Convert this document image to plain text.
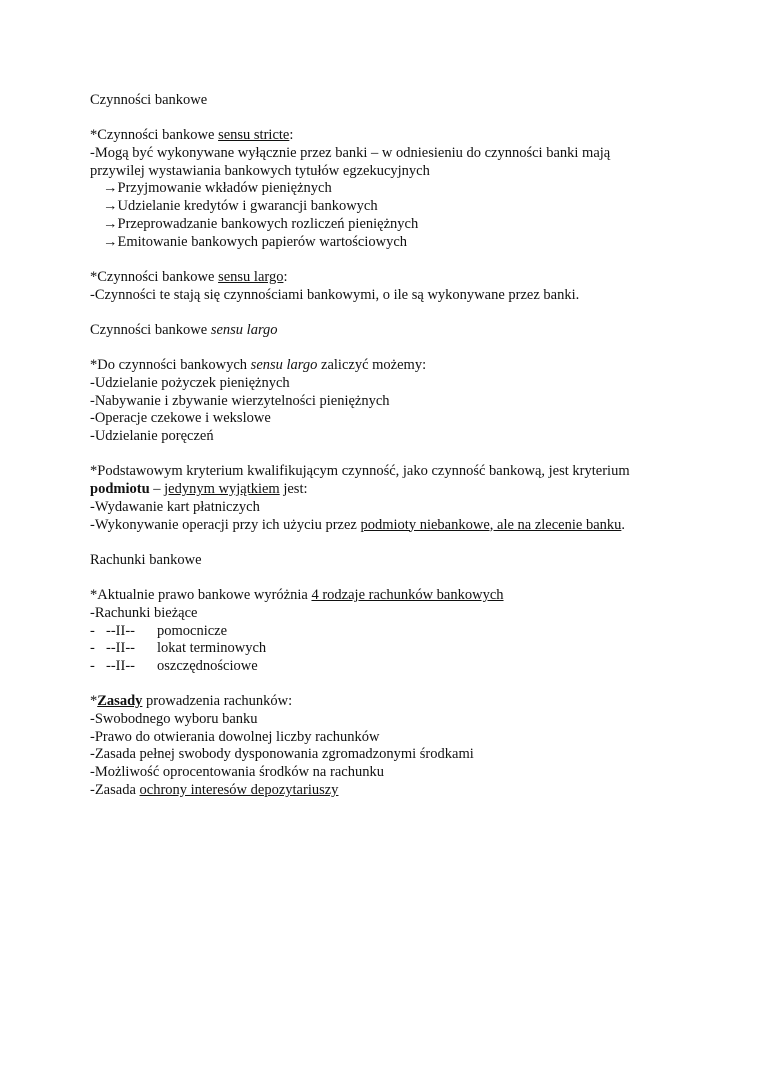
Czynności bankowe
*Czynności bankowe sensu stricte:
-Mogą być wykonywane wyłącznie przez banki – w odniesieniu do czynności banki mają
przywilej wystawiania bankowych tytułów egzekucyjnych
→Przyjmowanie wkładów pieniężnych
→Udzielanie kredytów i gwarancji bankowych
→Przeprowadzanie bankowych rozliczeń pieniężnych
→Emitowanie bankowych papierów wartościowych
*Czynności bankowe sensu largo:
-Czynności te stają się czynnościami bankowymi, o ile są wykonywane przez banki.
Czynności bankowe sensu largo
*Do czynności bankowych sensu largo zaliczyć możemy:
-Udzielanie pożyczek pieniężnych
-Nabywanie i zbywanie wierzytelności pieniężnych
-Operacje czekowe i wekslowe
-Udzielanie poręczeń
*Podstawowym kryterium kwalifikującym czynność, jako czynność bankową, jest kryterium
podmiotu – jedynym wyjątkiem jest:
-Wydawanie kart płatniczych
-Wykonywanie operacji przy ich użyciu przez podmioty niebankowe, ale na zlecenie banku.
Rachunki bankowe
*Aktualnie prawo bankowe wyróżnia 4 rodzaje rachunków bankowych
-Rachunki bieżące
- --II--	pomocnicze
- --II--	lokat terminowych
- --II--	oszczędnościowe
*Zasady prowadzenia rachunków:
-Swobodnego wyboru banku
-Prawo do otwierania dowolnej liczby rachunków
-Zasada pełnej swobody dysponowania zgromadzonymi środkami
-Możliwość oprocentowania środków na rachunku
-Zasada ochrony interesów depozytariuszy
